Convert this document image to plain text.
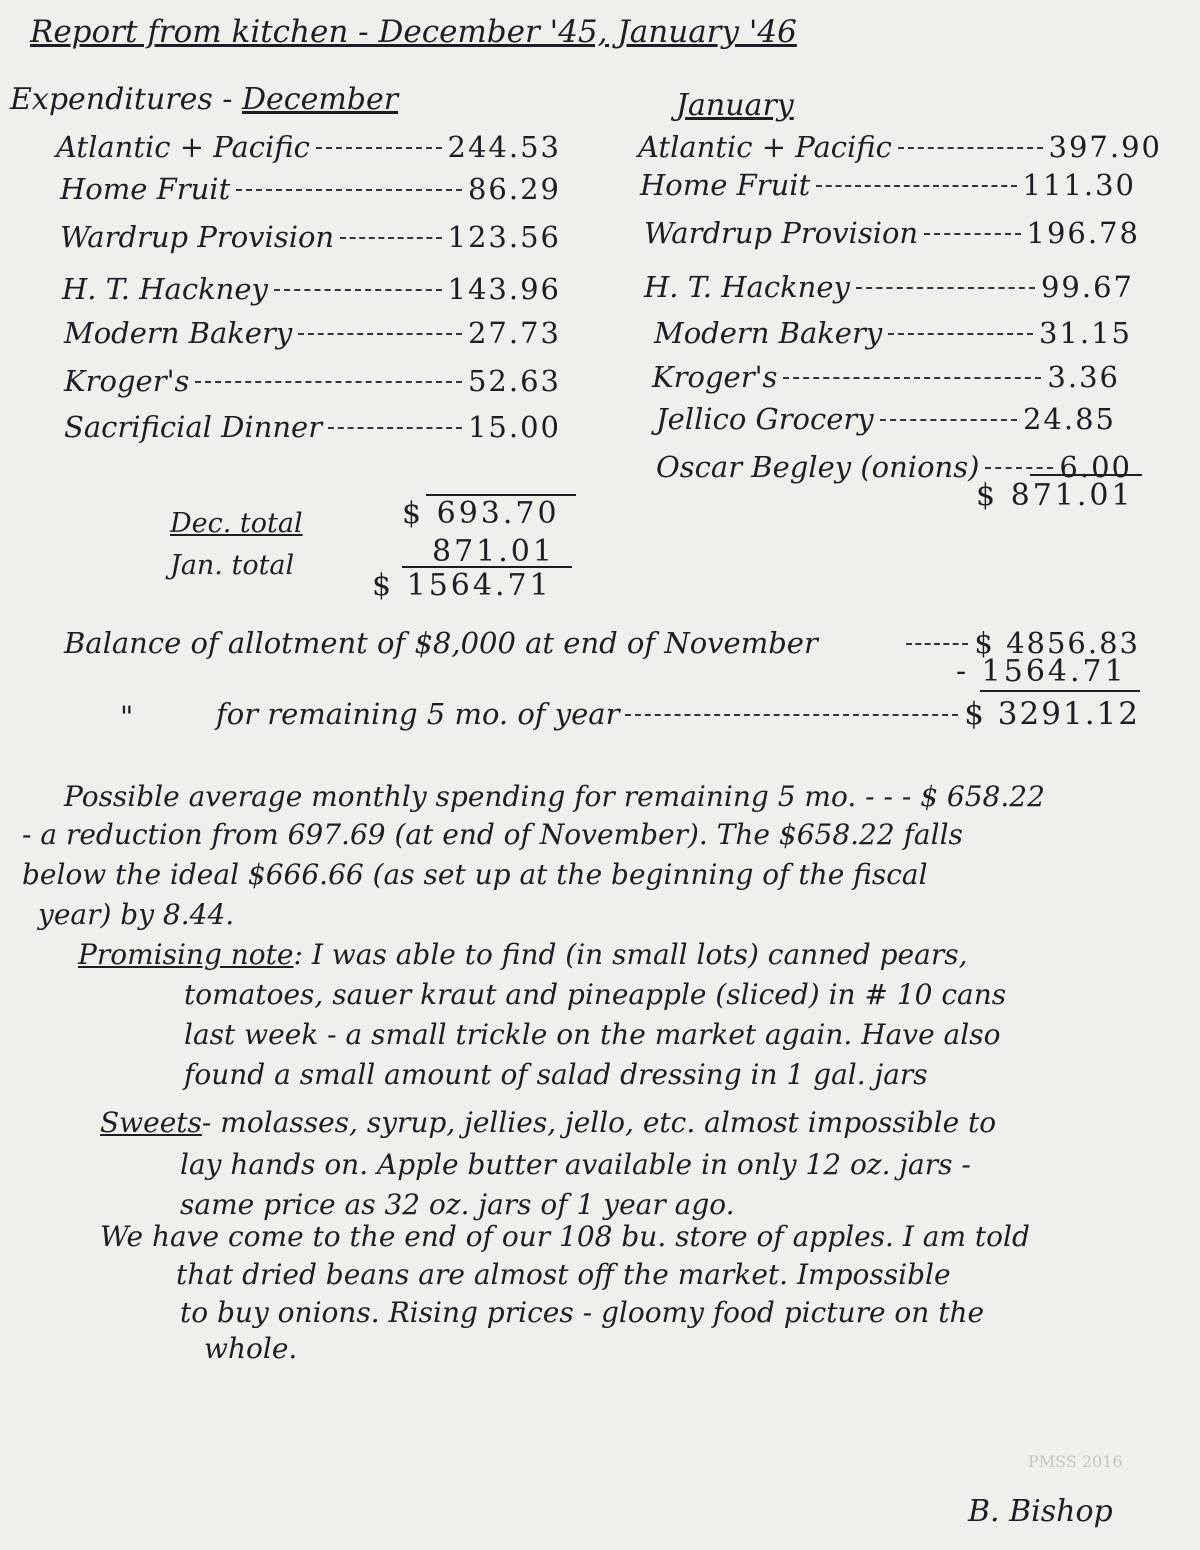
Report from kitchen - December '45, January '46
Expenditures - December	January
Atlantic + Pacific	244.53
Home Fruit	86.29
Wardrup Provision	123.56
H. T. Hackney	143.96
Modern Bakery	27.73
Kroger's	52.63
Sacrificial Dinner	15.00
Atlantic + Pacific	397.90
Home Fruit	111.30
Wardrup Provision	196.78
H. T. Hackney	99.67
Modern Bakery	31.15
Kroger's	3.36
Jellico Grocery	24.85
Oscar Begley (onions)	6.00
$ 871.01
Dec. total	$ 693.70
Jan. total	871.01
$ 1564.71
Balance of allotment of $8,000 at end of November	$ 4856.83
- 1564.71
"	for remaining 5 mo. of year	$ 3291.12
Possible average monthly spending for remaining 5 mo. - - - $ 658.22
- a reduction from 697.69 (at end of November). The $658.22 falls
below the ideal $666.66 (as set up at the beginning of the fiscal
year) by 8.44.
Promising note: I was able to find (in small lots) canned pears,
tomatoes, sauer kraut and pineapple (sliced) in # 10 cans
last week - a small trickle on the market again. Have also
found a small amount of salad dressing in 1 gal. jars
Sweets- molasses, syrup, jellies, jello, etc. almost impossible to
lay hands on. Apple butter available in only 12 oz. jars -
same price as 32 oz. jars of 1 year ago.
We have come to the end of our 108 bu. store of apples. I am told
that dried beans are almost off the market. Impossible
to buy onions. Rising prices - gloomy food picture on the
whole.
PMSS 2016
B. Bishop
